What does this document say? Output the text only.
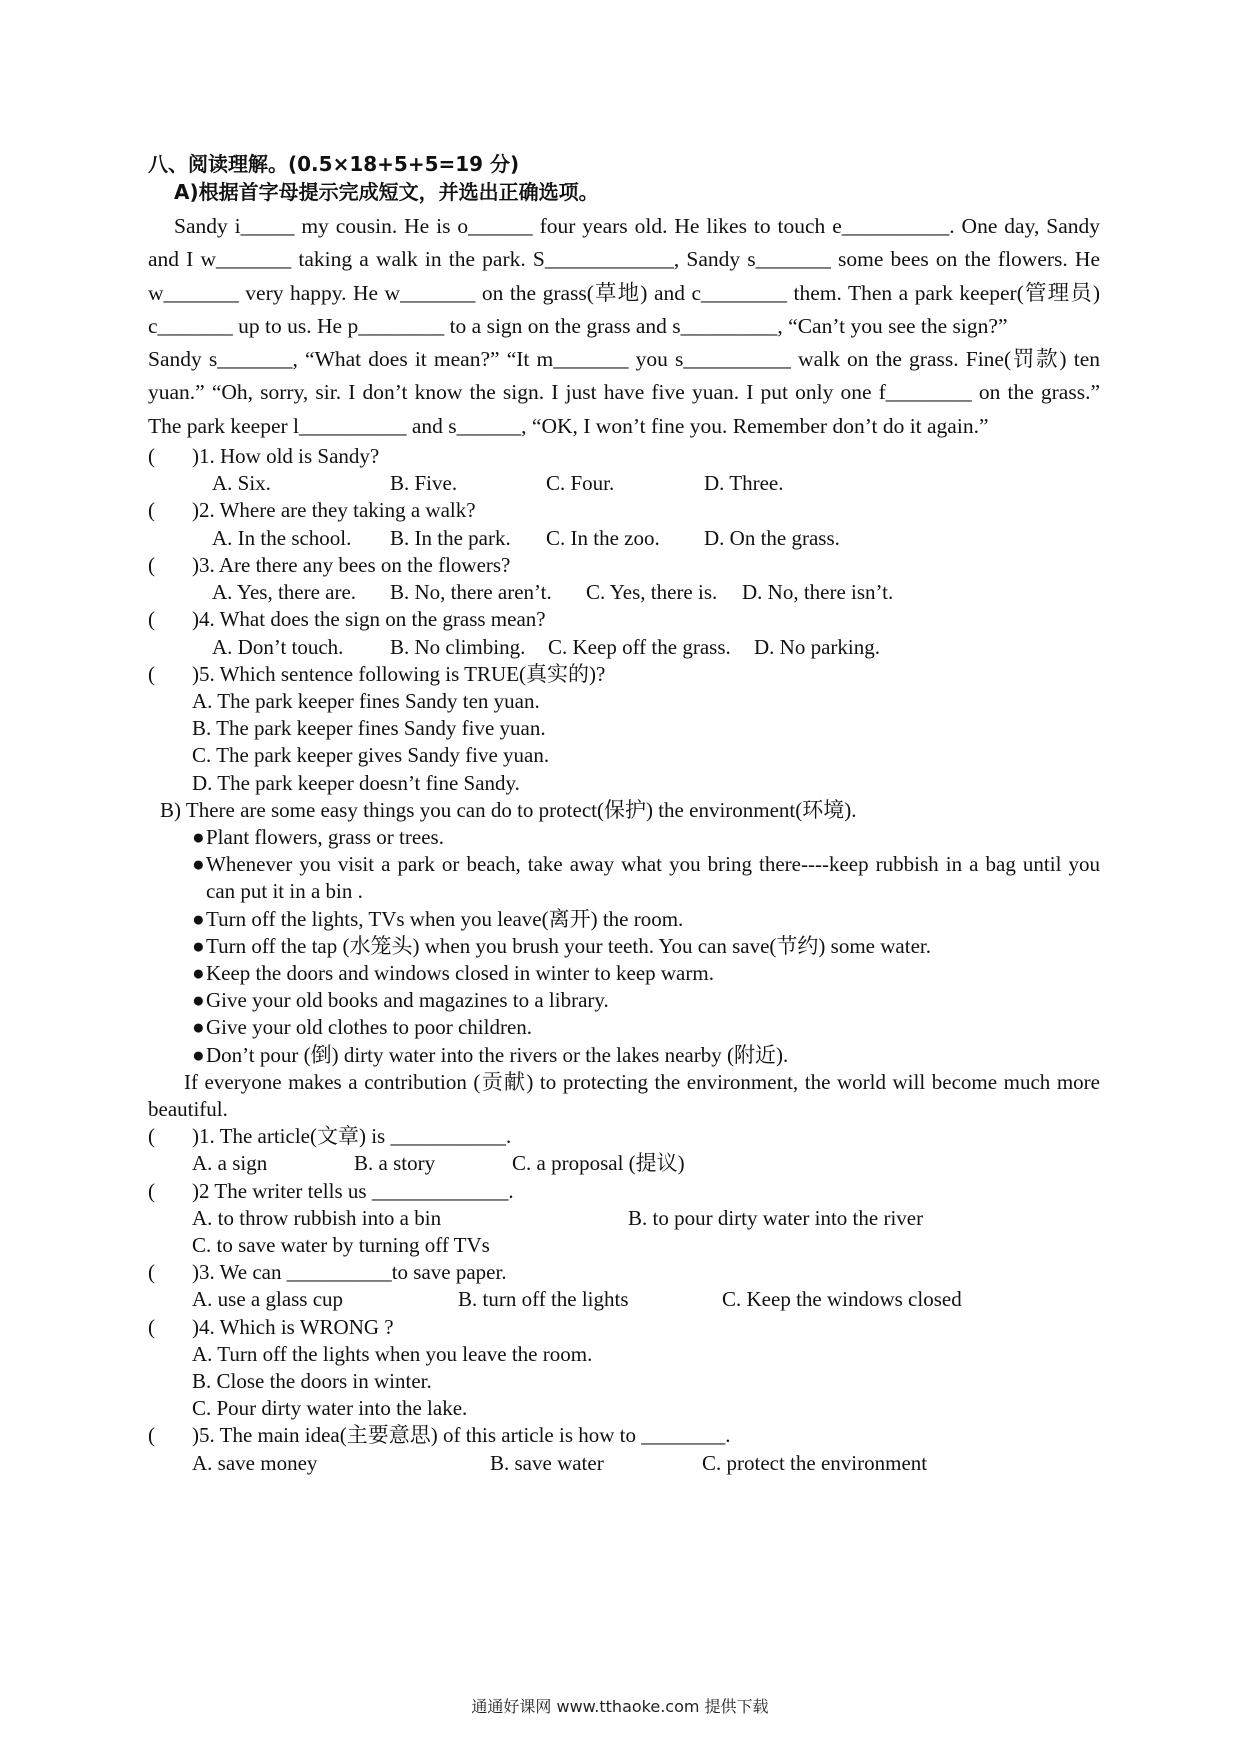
八、阅读理解。(0.5×18+5+5=19 分)

A)根据首字母提示完成短文，并选出正确选项。

Sandy i_____ my cousin. He is o______ four years old. He likes to touch e__________. One day, Sandy and I w_______ taking a walk in the park. S____________, Sandy s_______ some bees on the flowers. He w_______ very happy. He w_______ on the grass(草地) and c________ them. Then a park keeper(管理员) c_______ up to us. He p________ to a sign on the grass and s_________, “Can’t you see the sign?”

Sandy s_______, “What does it mean?” “It m_______ you s__________ walk on the grass. Fine(罚款) ten yuan.” “Oh, sorry, sir. I don’t know the sign. I just have five yuan. I put only one f________ on the grass.” The park keeper l__________ and s______, “OK, I won’t fine you. Remember don’t do it again.”

(	)1. How old is Sandy?
A. Six.	B. Five.	C. Four.	D. Three.
(	)2. Where are they taking a walk?
A. In the school.	B. In the park.	C. In the zoo.	D. On the grass.
(	)3. Are there any bees on the flowers?
A. Yes, there are.	B. No, there aren’t.	C. Yes, there is.	D. No, there isn’t.
(	)4. What does the sign on the grass mean?
A. Don’t touch.	B. No climbing.	C. Keep off the grass.	D. No parking.
(	)5. Which sentence following is TRUE(真实的)?
A. The park keeper fines Sandy ten yuan.
B. The park keeper fines Sandy five yuan.
C. The park keeper gives Sandy five yuan.
D. The park keeper doesn’t fine Sandy.
B) There are some easy things you can do to protect(保护) the environment(环境).
● Plant flowers, grass or trees.
● Whenever you visit a park or beach, take away what you bring there----keep rubbish in a bag until you can put it in a bin .
● Turn off the lights, TVs when you leave(离开) the room.
● Turn off the tap (水笼头) when you brush your teeth. You can save(节约) some water.
● Keep the doors and windows closed in winter to keep warm.
● Give your old books and magazines to a library.
● Give your old clothes to poor children.
● Don’t pour (倒) dirty water into the rivers or the lakes nearby (附近).

If everyone makes a contribution (贡献) to protecting the environment, the world will become much more beautiful.

(	)1. The article(文章) is ___________.
A. a sign	B. a story	C. a proposal (提议)
(	)2 The writer tells us _____________.
A. to throw rubbish into a bin	B. to pour dirty water into the river
C. to save water by turning off TVs
(	)3. We can __________to save paper.
A. use a glass cup	B. turn off the lights	C. Keep the windows closed
(	)4. Which is WRONG ?
A. Turn off the lights when you leave the room.
B. Close the doors in winter.
C. Pour dirty water into the lake.
(	)5. The main idea(主要意思) of this article is how to ________.
A. save money	B. save water	C. protect the environment
通通好课网 www.tthaoke.com 提供下载
